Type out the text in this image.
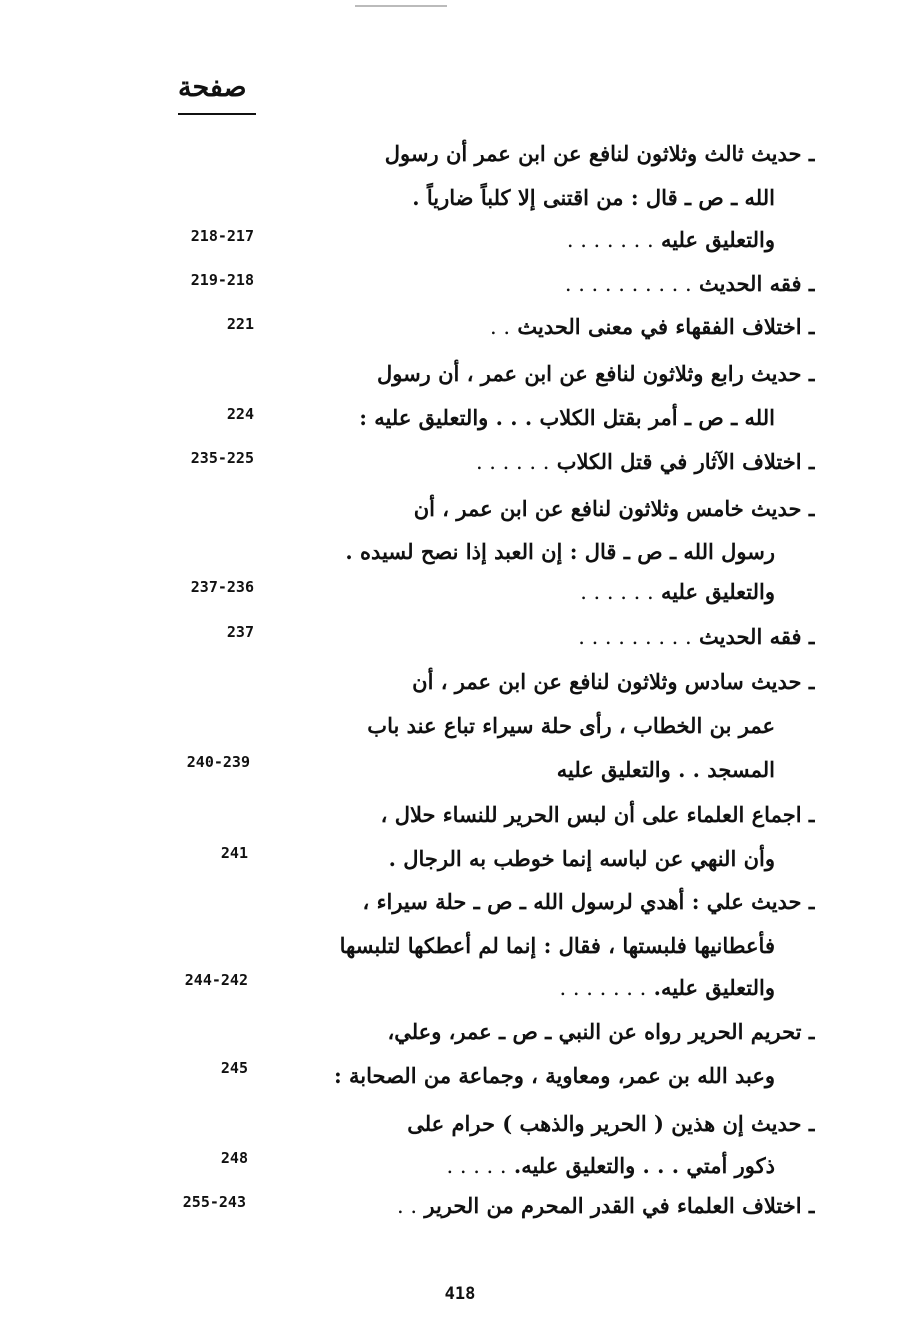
صفحة
ـ حديث ثالث وثلاثون لنافع عن ابن عمر أن رسول
الله ـ ص ـ قال : من اقتنى إلا كلباً ضارياً .
والتعليق عليه . . . . . . .
ـ فقه الحديث . . . . . . . . . .
ـ اختلاف الفقهاء في معنى الحديث . .
ـ حديث رابع وثلاثون لنافع عن ابن عمر ، أن رسول
الله ـ ص ـ أمر بقتل الكلاب . . . والتعليق عليه :
ـ اختلاف الآثار في قتل الكلاب . . . . . .
ـ حديث خامس وثلاثون لنافع عن ابن عمر ، أن
رسول الله ـ ص ـ قال : إن العبد إذا نصح لسيده .
والتعليق عليه . . . . . .
ـ فقه الحديث . . . . . . . . .
ـ حديث سادس وثلاثون لنافع عن ابن عمر ، أن
عمر بن الخطاب ، رأى حلة سيراء تباع عند باب
المسجد . . والتعليق عليه
ـ اجماع العلماء على أن لبس الحرير للنساء حلال ،
وأن النهي عن لباسه إنما خوطب به الرجال .
ـ حديث علي : أهدي لرسول الله ـ ص ـ حلة سيراء ،
فأعطانيها فلبستها ، فقال : إنما لم أعطكها لتلبسها
والتعليق عليه. . . . . . . .
ـ تحريم الحرير رواه عن النبي ـ ص ـ عمر، وعلي،
وعبد الله بن عمر، ومعاوية ، وجماعة من الصحابة :
ـ حديث إن هذين ( الحرير والذهب ) حرام على
ذكور أمتي . . . والتعليق عليه. . . . . .
ـ اختلاف العلماء في القدر المحرم من الحرير . .
218-217
219-218
221
224
235-225
237-236
237
240-239
241
244-242
245
248
255-243
418
